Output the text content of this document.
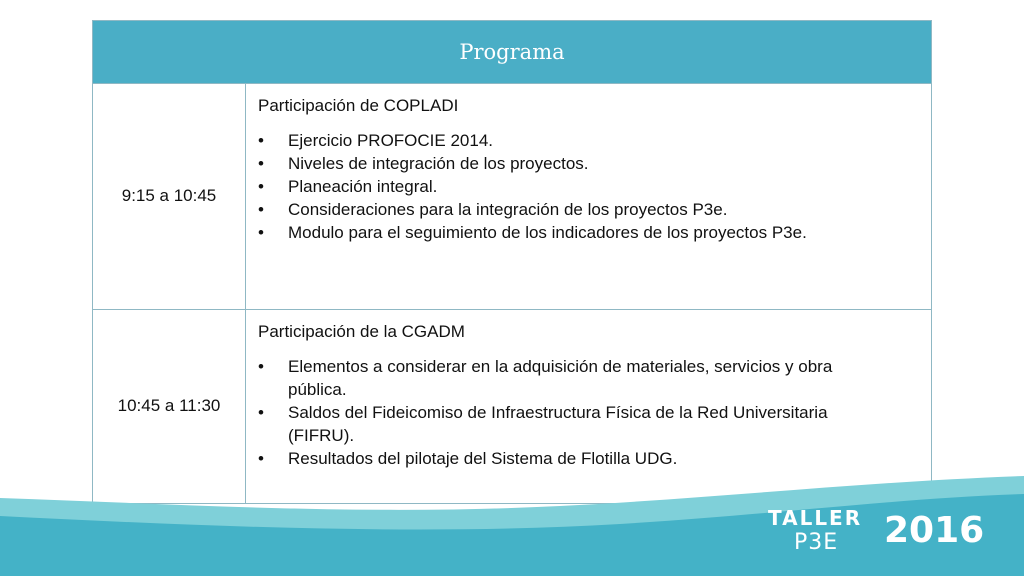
Programa
9:15 a 10:45
Participación de COPLADI
• Ejercicio PROFOCIE 2014.
• Niveles de integración de los proyectos.
• Planeación integral.
• Consideraciones para la integración de los proyectos P3e.
• Modulo para el seguimiento de los indicadores de los proyectos P3e.
10:45 a 11:30
Participación de la CGADM
• Elementos a considerar en la adquisición de materiales, servicios y obra pública.
• Saldos del Fideicomiso de Infraestructura Física de la Red Universitaria (FIFRU).
• Resultados del pilotaje del Sistema de Flotilla UDG.
TALLER
P3E	2016
